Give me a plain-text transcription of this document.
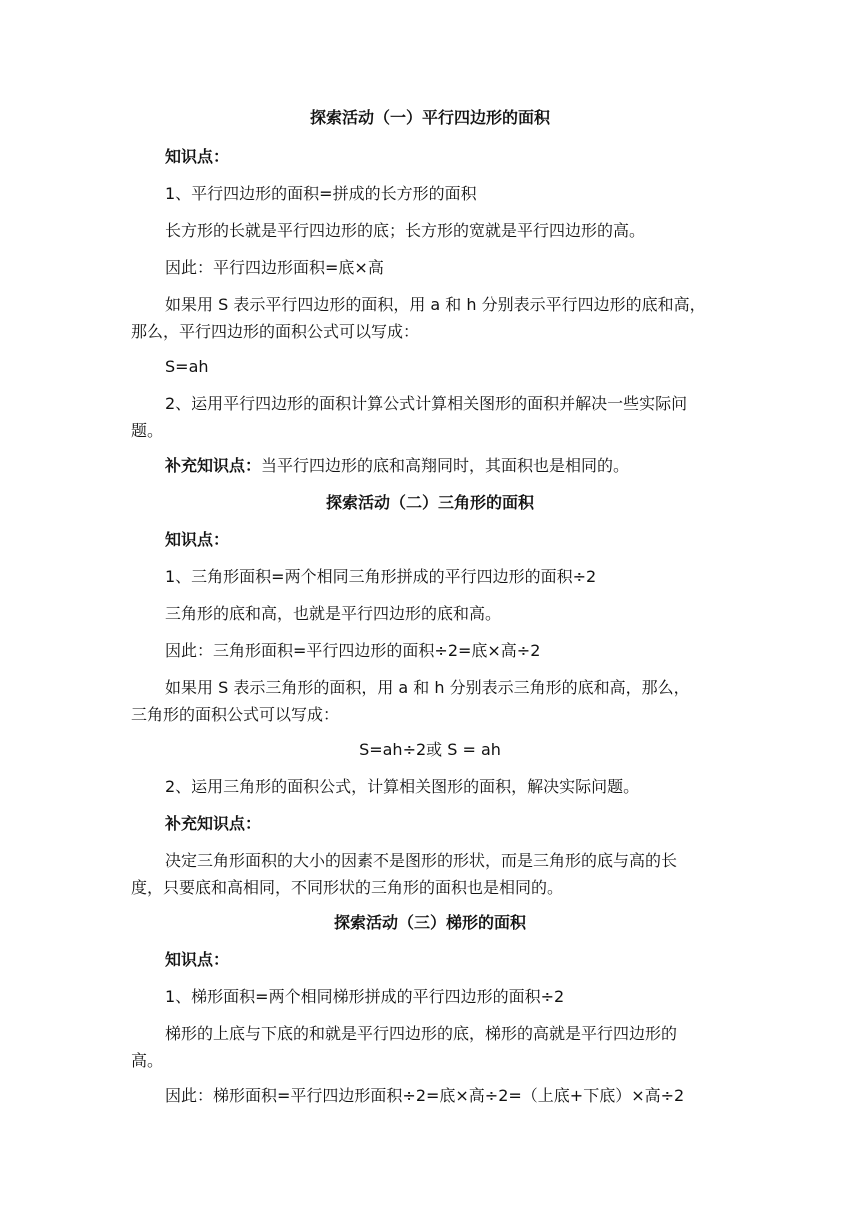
探索活动（一）平行四边形的面积
知识点：
1、平行四边形的面积=拼成的长方形的面积
长方形的长就是平行四边形的底；长方形的宽就是平行四边形的高。
因此：平行四边形面积=底×高
如果用 S 表示平行四边形的面积，用 a 和 h 分别表示平行四边形的底和高，
那么，平行四边形的面积公式可以写成：
S=ah
2、运用平行四边形的面积计算公式计算相关图形的面积并解决一些实际问
题。
补充知识点：当平行四边形的底和高翔同时，其面积也是相同的。
探索活动（二）三角形的面积
知识点：
1、三角形面积=两个相同三角形拼成的平行四边形的面积÷2
三角形的底和高，也就是平行四边形的底和高。
因此：三角形面积=平行四边形的面积÷2=底×高÷2
如果用 S 表示三角形的面积，用 a 和 h 分别表示三角形的底和高，那么，
三角形的面积公式可以写成：
S=ah÷2或 S = ah
2、运用三角形的面积公式，计算相关图形的面积，解决实际问题。
补充知识点：
决定三角形面积的大小的因素不是图形的形状，而是三角形的底与高的长
度，只要底和高相同，不同形状的三角形的面积也是相同的。
探索活动（三）梯形的面积
知识点：
1、梯形面积=两个相同梯形拼成的平行四边形的面积÷2
梯形的上底与下底的和就是平行四边形的底，梯形的高就是平行四边形的
高。
因此：梯形面积=平行四边形面积÷2=底×高÷2=（上底+下底）×高÷2
